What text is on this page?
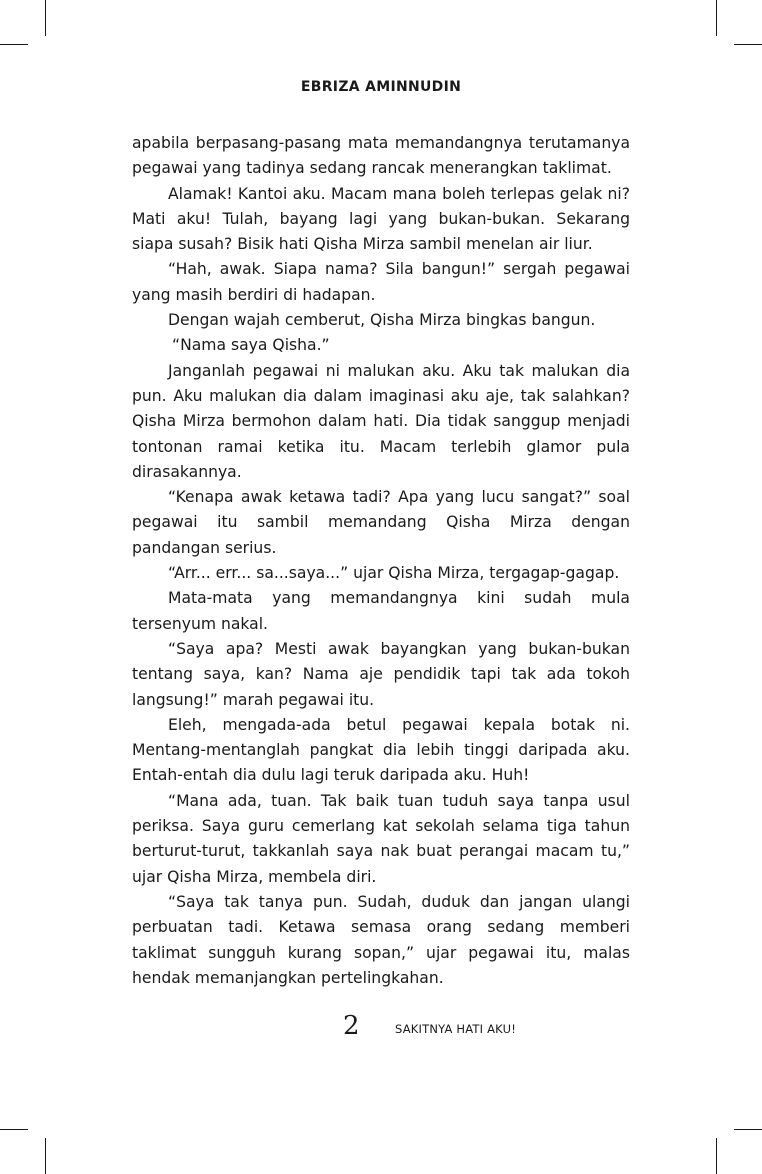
EBRIZA AMINNUDIN

apabila berpasang-pasang mata memandangnya terutamanya pegawai yang tadinya sedang rancak menerangkan taklimat.

Alamak! Kantoi aku. Macam mana boleh terlepas gelak ni? Mati aku! Tulah, bayang lagi yang bukan-bukan. Sekarang siapa susah? Bisik hati Qisha Mirza sambil menelan air liur.

“Hah, awak. Siapa nama? Sila bangun!” sergah pegawai yang masih berdiri di hadapan.

Dengan wajah cemberut, Qisha Mirza bingkas bangun.

“Nama saya Qisha.”

Janganlah pegawai ni malukan aku. Aku tak malukan dia pun. Aku malukan dia dalam imaginasi aku aje, tak salahkan? Qisha Mirza bermohon dalam hati. Dia tidak sanggup menjadi tontonan ramai ketika itu. Macam terlebih glamor pula dirasakannya.

“Kenapa awak ketawa tadi? Apa yang lucu sangat?” soal pegawai itu sambil memandang Qisha Mirza dengan pandangan serius.

“Arr... err... sa...saya...” ujar Qisha Mirza, tergagap-gagap.

Mata-mata yang memandangnya kini sudah mula tersenyum nakal.

“Saya apa? Mesti awak bayangkan yang bukan-bukan tentang saya, kan? Nama aje pendidik tapi tak ada tokoh langsung!” marah pegawai itu.

Eleh, mengada-ada betul pegawai kepala botak ni. Mentang-mentanglah pangkat dia lebih tinggi daripada aku. Entah-entah dia dulu lagi teruk daripada aku. Huh!

“Mana ada, tuan. Tak baik tuan tuduh saya tanpa usul periksa. Saya guru cemerlang kat sekolah selama tiga tahun berturut-turut, takkanlah saya nak buat perangai macam tu,” ujar Qisha Mirza, membela diri.

“Saya tak tanya pun. Sudah, duduk dan jangan ulangi perbuatan tadi. Ketawa semasa orang sedang memberi taklimat sungguh kurang sopan,” ujar pegawai itu, malas hendak memanjangkan pertelingkahan.

2	SAKITNYA HATI AKU!
